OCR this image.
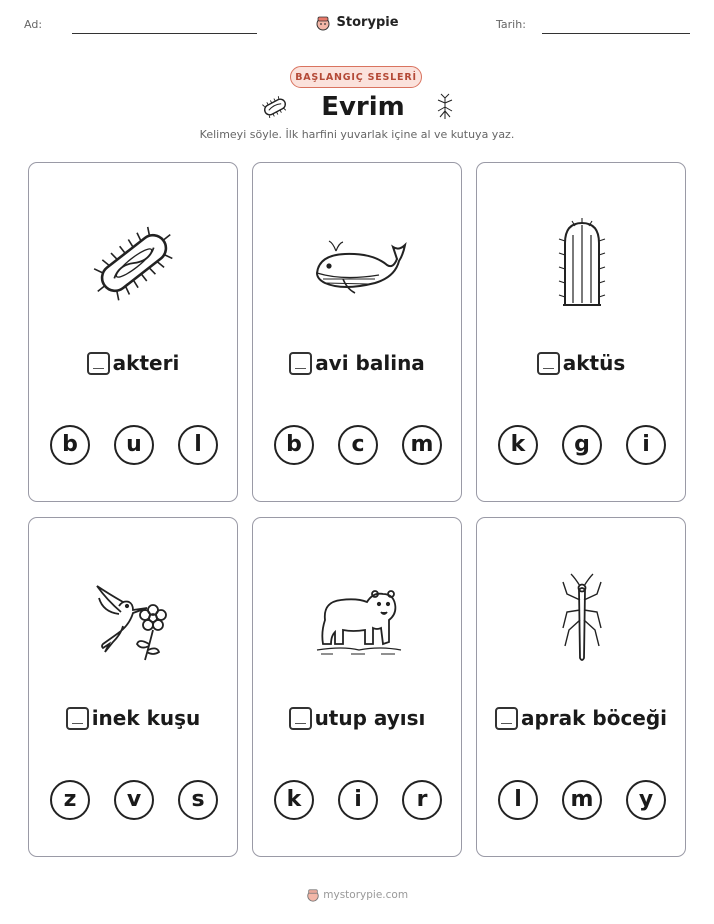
Ad:	Storypie	Tarih:
BAŞLANGIÇ SESLERİ
Evrim
Kelimeyi söyle. İlk harfini yuvarlak içine al ve kutuya yaz.
akteri
b	u	l
avi balina
b	c	m
aktüs
k	g	i
inek kuşu
z	v	s
utup ayısı
k	i	r
aprak böceği
l	m	y
mystorypie.com
